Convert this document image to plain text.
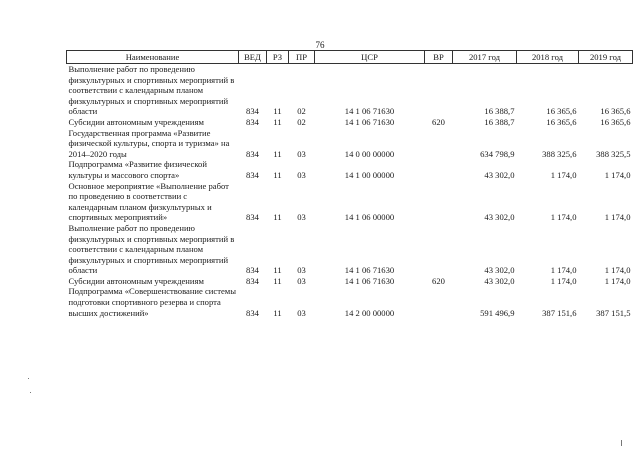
76
Наименование	ВЕД	РЗ	ПР	ЦСР	ВР	2017 год	2018 год	2019 год
Выполнение работ по проведению физкультурных и спортивных мероприятий в соответствии с календарным планом физкультурных и спортивных мероприятий области	834	11	02	14 1 06 71630		16 388,7	16 365,6	16 365,6
Субсидии автономным учреждениям	834	11	02	14 1 06 71630	620	16 388,7	16 365,6	16 365,6
Государственная программа «Развитие физической культуры, спорта и туризма» на 2014–2020 годы	834	11	03	14 0 00 00000		634 798,9	388 325,6	388 325,5
Подпрограмма «Развитие физической культуры и массового спорта»	834	11	03	14 1 00 00000		43 302,0	1 174,0	1 174,0
Основное мероприятие «Выполнение работ по проведению в соответствии с календарным планом физкультурных и спортивных мероприятий»	834	11	03	14 1 06 00000		43 302,0	1 174,0	1 174,0
Выполнение работ по проведению физкультурных и спортивных мероприятий в соответствии с календарным планом физкультурных и спортивных мероприятий области	834	11	03	14 1 06 71630		43 302,0	1 174,0	1 174,0
Субсидии автономным учреждениям	834	11	03	14 1 06 71630	620	43 302,0	1 174,0	1 174,0
Подпрограмма «Совершенствование системы подготовки спортивного резерва и спорта высших достижений»	834	11	03	14 2 00 00000		591 496,9	387 151,6	387 151,5
